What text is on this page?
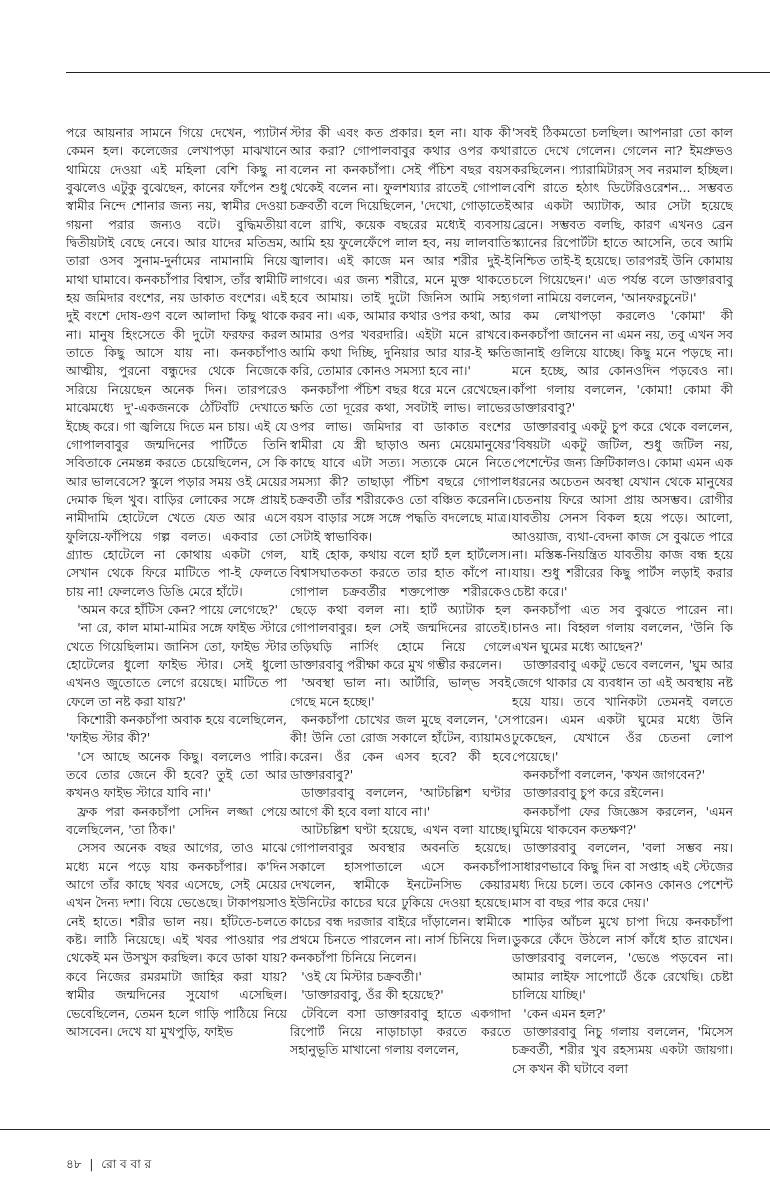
পরে আয়নার সামনে গিয়ে দেখেন, প্যাটার্ন কেমন হল। কলেজের লেখাপড়া মাঝখানে থামিয়ে দেওয়া এই মহিলা বেশি কিছু না বুঝলেও এটুকু বুঝেছেন, কানের ফাঁপেন শুধু স্বামীর নিন্দে শোনার জন্য নয়, স্বামীর দেওয়া গয়না পরার জন্যও বটে। বুদ্ধিমতীয়া দ্বিতীয়টাই বেছে নেবে। আর যাদের মতিভ্রম, তারা ওসব সুনাম-দুর্নামের নামানামি নিয়ে মাথা ঘামাবে। কনকচাঁপার বিশ্বাস, তাঁর স্বামীটি হয় জমিদার বংশের, নয় ডাকাত বংশের। এই দুই বংশে দোষ-গুণ বলে আলাদা কিছু থাকে না। মানুষ হিংসেতে কী দুটো ফরফর করল তাতে কিছু আসে যায় না। কনকচাঁপাও আত্মীয়, পুরনো বন্ধুদের থেকে নিজেকে সরিয়ে নিয়েছেন অনেক দিন। তারপরেও মাঝেমধ্যে দু'-একজনকে ঠোঁটবাঁট দেখাতে ইচ্ছে করে। গা জ্বলিয়ে দিতে মন চায়। এই যে গোপালবাবুর জন্মদিনের পার্টিতে তিনি সবিতাকে নেমন্তন্ন করতে চেয়েছিলেন, সে কি আর ভালবেসে? স্কুলে পড়ার সময় ওই মেয়ের দেমাক ছিল খুব। বাড়ির লোকের সঙ্গে প্রায়ই নামীদামি হোটেলে খেতে যেত আর এসে ফুলিয়ে-ফাঁপিয়ে গল্প বলত। একবার তো গ্র্যান্ড হোটেলে না কোথায় একটা গেল, সেখান থেকে ফিরে মাটিতে পা-ই ফেলতে চায় না! ফেললেও ডিঙি মেরে হাঁটে।

'অমন করে হাঁটিস কেন? পায়ে লেগেছে?'

'না রে, কাল মামা-মামির সঙ্গে ফাইভ স্টারে খেতে গিয়েছিলাম। জানিস তো, ফাইভ স্টার হোটেলের ধুলো ফাইভ স্টার। সেই ধুলো এখনও জুতোতে লেগে রয়েছে। মাটিতে পা ফেলে তা নষ্ট করা যায়?'

কিশোরী কনকচাঁপা অবাক হয়ে বলেছিলেন, 'ফাইভ স্টার কী?'

'সে আছে অনেক কিছু। বললেও পারি। তবে তোর জেনে কী হবে? তুই তো আর কখনও ফাইভ স্টারে যাবি না।'

ফ্রক পরা কনকচাঁপা সেদিন লজ্জা পেয়ে বলেছিলেন, 'তা ঠিক।'

সেসব অনেক বছর আগের, তাও মাঝে মধ্যে মনে পড়ে যায় কনকচাঁপার। ক'দিন আগে তাঁর কাছে খবর এসেছে, সেই মেয়ের এখন দৈন্য দশা। বিয়ে ভেঙেছে। টাকাপয়সাও নেই হাতে। শরীর ভাল নয়। হাঁটতে-চলতে কষ্ট। লাঠি নিয়েছে। এই খবর পাওয়ার পর থেকেই মন উসখুস করছিল। কবে ডাকা যায়? কবে নিজের রমরমাটা জাহির করা যায়? স্বামীর জন্মদিনের সুযোগ এসেছিল। ভেবেছিলেন, তেমন হলে গাড়ি পাঠিয়ে নিয়ে আসবেন। দেখে যা মুখপুড়ি, ফাইভ

স্টার কী এবং কত প্রকার। হল না। যাক কী আর করা? গোপালবাবুর কথার ওপর কথা বলেন না কনকচাঁপা। সেই পঁচিশ বছর বয়স থেকেই বলেন না। ফুলশয্যার রাতেই গোপাল চক্রবর্তী বলে দিয়েছিলেন, 'দেখো, গোড়াতেই বলে রাখি, কয়েক বছরের মধ্যেই ব্যবসায় আমি হয় ফুলেফেঁপে লাল হব, নয় লালবাতি জ্বালাব। এই কাজে মন আর শরীর দুই-ই লাগবে। এর জন্য শরীরে, মনে মুক্ত থাকতে হবে আমায়। তাই দুটো জিনিস আমি সহ্য করব না। এক, আমার কথার ওপর কথা, আর আমার ওপর খবরদারি। এইটা মনে রাখবে। আমি কথা দিচ্ছি, দুনিয়ার আর যার-ই ক্ষতি করি, তোমার কোনও সমস্যা হবে না।'

কনকচাঁপা পঁচিশ বছর ধরে মনে রেখেছেন। ক্ষতি তো দূরের কথা, সবটাই লাভ। লাভের ওপর লাভ। জমিদার বা ডাকাত বংশের স্বামীরা যে স্ত্রী ছাড়াও অন্য মেয়েমানুষের কাছে যাবে এটা সত্য। সত্যকে মেনে নিতে সমস্যা কী? তাছাড়া পঁচিশ বছরে গোপাল চক্রবর্তী তাঁর শরীরকেও তো বঞ্চিত করেননি। বয়স বাড়ার সঙ্গে সঙ্গে পদ্ধতি বদলেছে মাত্র। সেটাই স্বাভাবিক।

যাই হোক, কথায় বলে হার্ট হল হার্টলেস। বিশ্বাসঘাতকতা করতে তার হাত কাঁপে না। গোপাল চক্রবর্তীর শক্তপোক্ত শরীরকেও ছেড়ে কথা বলল না। হার্ট অ্যাটাক হল গোপালবাবুর। হল সেই জন্মদিনের রাতেই। তড়িঘড়ি নার্সিং হোমে নিয়ে গেলে ডাক্তারবাবু পরীক্ষা করে মুখ গম্ভীর করলেন।

'অবস্থা ভাল না। আর্টারি, ভাল্‌ভ সবই গেছে মনে হচ্ছে।'

কনকচাঁপা চোখের জল মুছে বললেন, 'সে কী! উনি তো রোজ সকালে হাঁটেন, ব্যায়ামও করেন। ওঁর কেন এসব হবে? কী হবে ডাক্তারবাবু?'

ডাক্তারবাবু বললেন, 'আটচল্লিশ ঘণ্টার আগে কী হবে বলা যাবে না।'

আটচল্লিশ ঘণ্টা হয়েছে, এখন বলা যাচ্ছে। গোপালবাবুর অবস্থার অবনতি হয়েছে। সকালে হাসপাতালে এসে কনকচাঁপা দেখলেন, স্বামীকে ইনটেনসিভ কেয়ার ইউনিটের কাচের ঘরে ঢুকিয়ে দেওয়া হয়েছে। কাচের বন্ধ দরজার বাইরে দাঁড়ালেন। স্বামীকে প্রথমে চিনতে পারলেন না। নার্স চিনিয়ে দিল। কনকচাঁপা চিনিয়ে নিলেন।

'ওই যে মিস্টার চক্রবর্তী।'

'ডাক্তারবাবু, ওঁর কী হয়েছে?'

টেবিলে বসা ডাক্তারবাবু হাতে একগাদা রিপোর্ট নিয়ে নাড়াচাড়া করতে করতে সহানুভূতি মাখানো গলায় বললেন,

'সবই ঠিকমতো চলছিল। আপনারা তো কাল রাতে দেখে গেলেন। গেলেন না? ইমপ্রুভও করছিলেন। প্যারামিটারস্ সব নরমাল হচ্ছিল। বেশি রাতে হঠাৎ ডিটেরিওরেশন... সম্ভবত আর একটা অ্যাটাক, আর সেটা হয়েছে ব্রেনে। সম্ভবত বলছি, কারণ এখনও ব্রেন স্ক্যানের রিপোর্টটা হাতে আসেনি, তবে আমি নিশ্চিত তাই-ই হয়েছে। তারপরই উনি কোমায় চলে গিয়েছেন।' এত পর্যন্ত বলে ডাক্তারবাবু গলা নামিয়ে বললেন, 'আনফরচুনেট।'

কম লেখাপড়া করলেও 'কোমা' কী কনকচাঁপা জানেন না এমন নয়, তবু এখন সব জানাই গুলিয়ে যাচ্ছে। কিছু মনে পড়ছে না। মনে হচ্ছে, আর কোনওদিন পড়বেও না। কাঁপা গলায় বললেন, 'কোমা! কোমা কী ডাক্তারবাবু?'

ডাক্তারবাবু একটু চুপ করে থেকে বললেন, 'বিষয়টা একটু জটিল, শুধু জটিল নয়, পেশেন্টের জন্য ক্রিটিকালও। কোমা এমন এক ধরনের অচেতন অবস্থা যেখান থেকে মানুষের চেতনায় ফিরে আসা প্রায় অসম্ভব। রোগীর যাবতীয় সেনস বিকল হয়ে পড়ে। আলো, আওয়াজ, ব্যথা-বেদনা কাজ সে বুঝতে পারে না। মস্তিষ্ক-নিয়ন্ত্রিত যাবতীয় কাজ বন্ধ হয়ে যায়। শুধু শরীরের কিছু পার্টস লড়াই করার চেষ্টা করে।'

কনকচাঁপা এত সব বুঝতে পারেন না। চানও না। বিহ্বল গলায় বললেন, 'উনি কি এখন ঘুমের মধ্যে আছেন?'

ডাক্তারবাবু একটু ভেবে বললেন, 'ঘুম আর জেগে থাকার যে ব্যবধান তা এই অবস্থায় নষ্ট হয়ে যায়। তবে খানিকটা তেমনই বলতে পারেন। এমন একটা ঘুমের মধ্যে উনি ঢুকেছেন, যেখানে ওঁর চেতনা লোপ পেয়েছে।'

কনকচাঁপা বললেন, 'কখন জাগবেন?'

ডাক্তারবাবু চুপ করে রইলেন।

কনকচাঁপা ফের জিজ্ঞেস করলেন, 'এমন ঘুমিয়ে থাকবেন কতক্ষণ?'

ডাক্তারবাবু বললেন, 'বলা সম্ভব নয়। সাধারণভাবে কিছু দিন বা সপ্তাহ এই স্টেজের মধ্য দিয়ে চলে। তবে কোনও কোনও পেশেন্ট মাস বা বছর পার করে দেয়।'

শাড়ির আঁচল মুখে চাপা দিয়ে কনকচাঁপা ডুকরে কেঁদে উঠলে নার্স কাঁধে হাত রাখেন। ডাক্তারবাবু বললেন, 'ভেঙে পড়বেন না। আমার লাইফ সাপোর্টে ওঁকে রেখেছি। চেষ্টা চালিয়ে যাচ্ছি।'

'কেন এমন হল?'

ডাক্তারবাবু নিচু গলায় বললেন, 'মিসেস চক্রবর্তী, শরীর খুব রহস্যময় একটা জায়গা। সে কখন কী ঘটাবে বলা

৪৮ | রো ব বা র
